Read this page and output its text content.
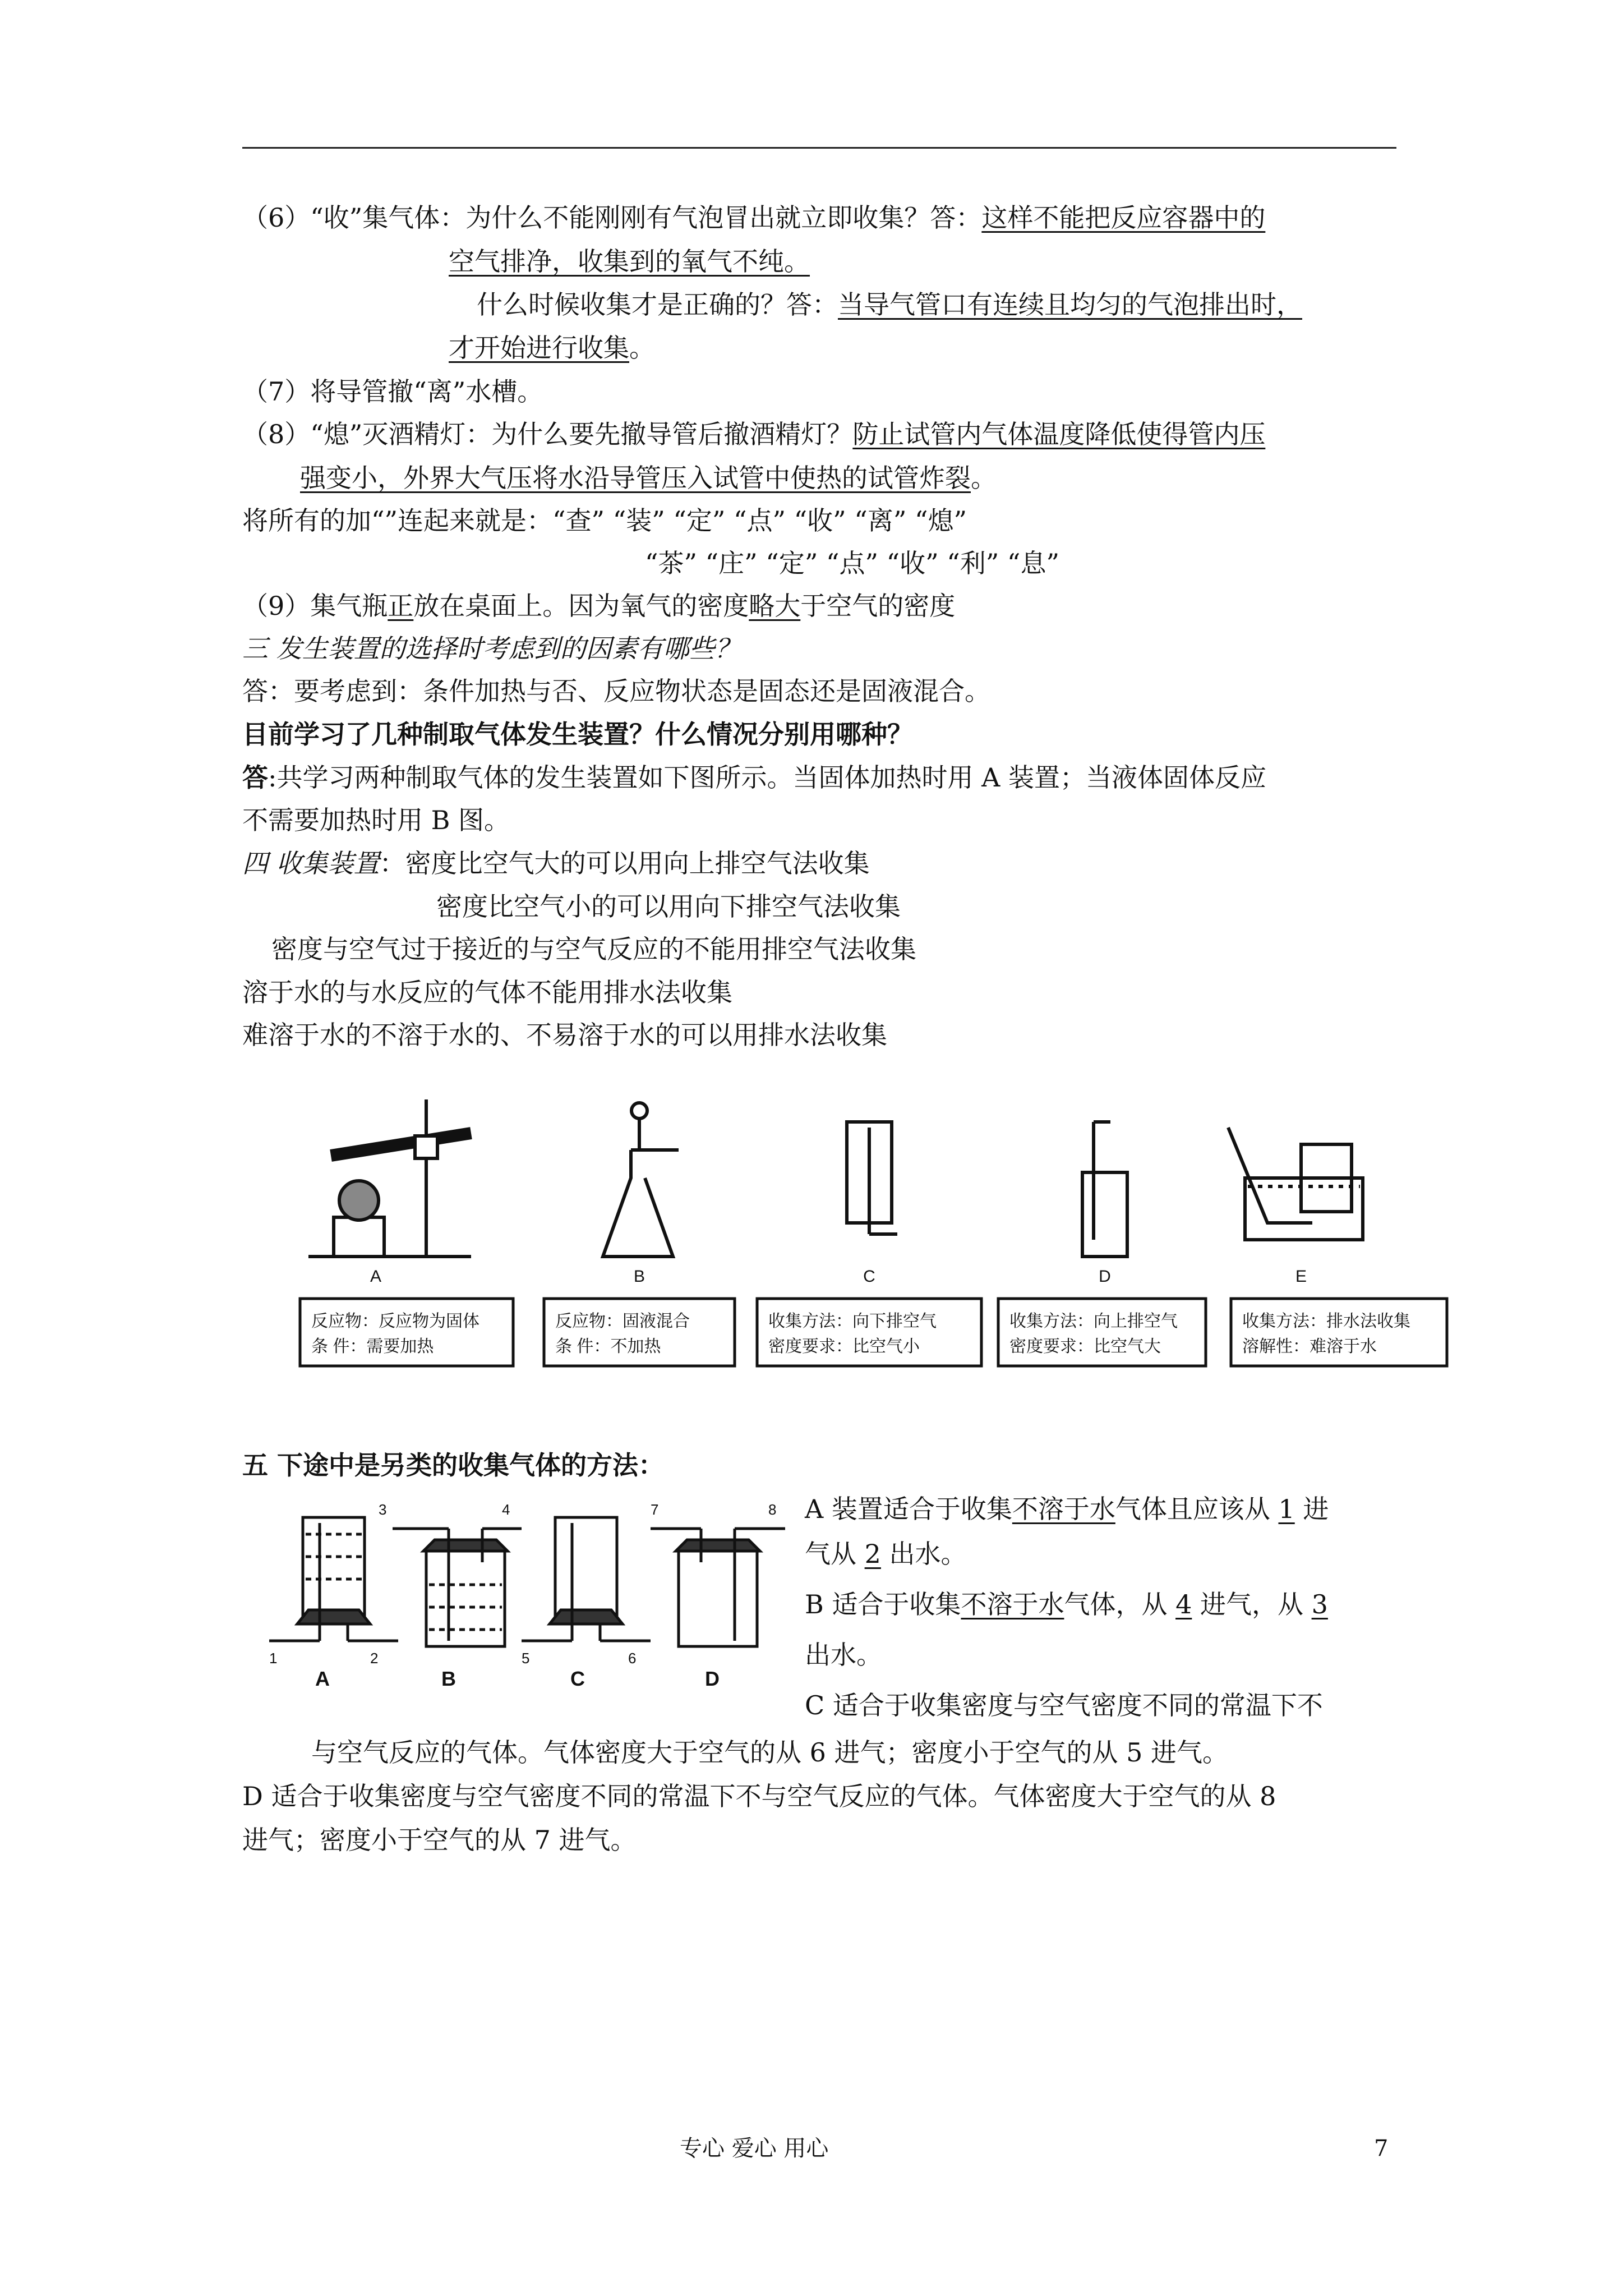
（6）“收”集气体：为什么不能刚刚有气泡冒出就立即收集？答：这样不能把反应容器中的
空气排净，收集到的氧气不纯。
什么时候收集才是正确的？答：当导气管口有连续且均匀的气泡排出时，
才开始进行收集。
（7）将导管撤“离”水槽。
（8）“熄”灭酒精灯：为什么要先撤导管后撤酒精灯？防止试管内气体温度降低使得管内压
强变小，外界大气压将水沿导管压入试管中使热的试管炸裂。
将所有的加“”连起来就是：“查” “装” “定” “点” “收” “离” “熄”
“茶” “庄” “定” “点” “收” “利” “息”
（9）集气瓶正放在桌面上。因为氧气的密度略大于空气的密度
三 发生装置的选择时考虑到的因素有哪些？
答：要考虑到：条件加热与否、反应物状态是固态还是固液混合。
目前学习了几种制取气体发生装置？什么情况分别用哪种？
答:共学习两种制取气体的发生装置如下图所示。当固体加热时用 A 装置；当液体固体反应
不需要加热时用 B 图。
四 收集装置：密度比空气大的可以用向上排空气法收集
密度比空气小的可以用向下排空气法收集
密度与空气过于接近的与空气反应的不能用排空气法收集
溶于水的与水反应的气体不能用排水法收集
难溶于水的不溶于水的、不易溶于水的可以用排水法收集
A	B	C	D	E
反应物：反应物为固体
条 件：需要加热
反应物：固液混合
条 件：不加热
收集方法：向下排空气
密度要求：比空气小
收集方法：向上排空气
密度要求：比空气大
收集方法：排水法收集
溶解性：难溶于水
五 下途中是另类的收集气体的方法：
1	2
3	4
5	6
7	8
A	B	C	D
A 装置适合于收集不溶于水气体且应该从 1 进
气从 2 出水。
B 适合于收集不溶于水气体，从 4 进气，从 3
出水。
C 适合于收集密度与空气密度不同的常温下不
与空气反应的气体。气体密度大于空气的从 6 进气；密度小于空气的从 5 进气。
D 适合于收集密度与空气密度不同的常温下不与空气反应的气体。气体密度大于空气的从 8
进气；密度小于空气的从 7 进气。
专心 爱心 用心	7
